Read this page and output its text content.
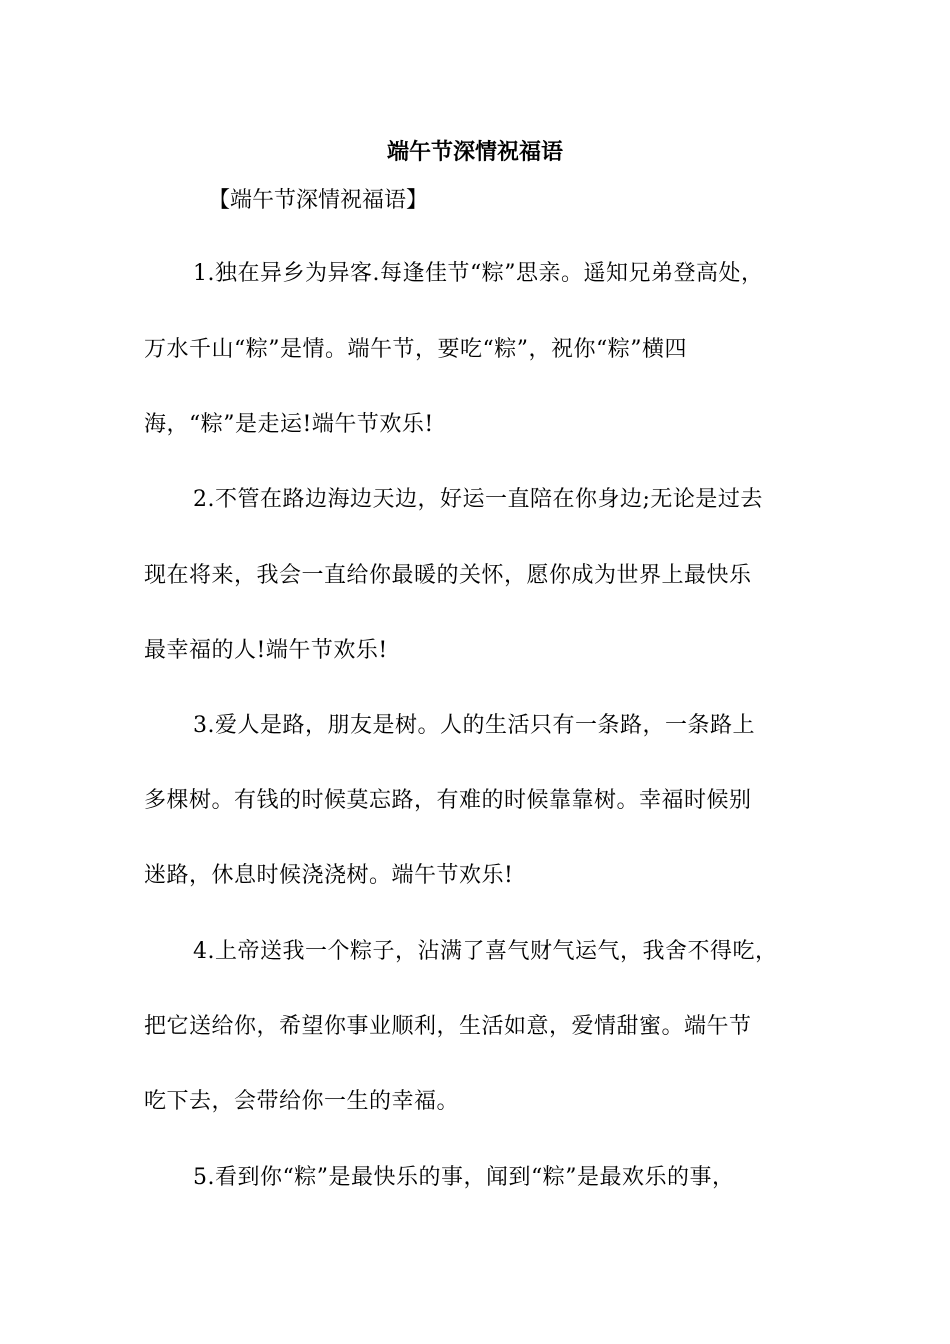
端午节深情祝福语
【端午节深情祝福语】
1.独在异乡为异客.每逢佳节“粽”思亲。遥知兄弟登高处，
万水千山“粽”是情。端午节，要吃“粽”，祝你“粽”横四
海，“粽”是走运!端午节欢乐!
2.不管在路边海边天边，好运一直陪在你身边;无论是过去
现在将来，我会一直给你最暖的关怀，愿你成为世界上最快乐
最幸福的人!端午节欢乐!
3.爱人是路，朋友是树。人的生活只有一条路，一条路上
多棵树。有钱的时候莫忘路，有难的时候靠靠树。幸福时候别
迷路，休息时候浇浇树。端午节欢乐!
4.上帝送我一个粽子，沾满了喜气财气运气，我舍不得吃，
把它送给你，希望你事业顺利，生活如意，爱情甜蜜。端午节
吃下去，会带给你一生的幸福。
5.看到你“粽”是最快乐的事，闻到“粽”是最欢乐的事，
